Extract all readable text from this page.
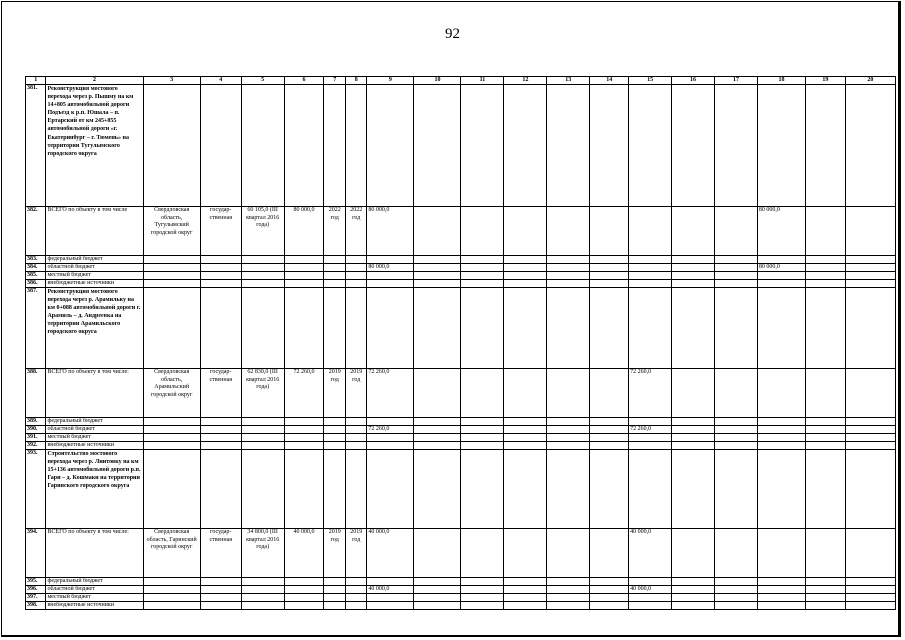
92
1	2	3	4	5	6	7	8	9	10	11	12	13	14	15	16	17	18	19	20
381.	Реконструкция мостового перехода через р. Пышму на км 14+805 автомобильной дороги Подъезд к р.п. Юшала – п. Ертарский от км 245+855 автомобильной дороги «г. Екатеринбург – г. Тюмень» на территории Тугулымского городского округа																		
382.	ВСЕГО по объекту в том числе	Свердловская область, Тугулымский городской округ	государ-ственная	60 105,0 (III квартал 2016 года)	80 000,0	2022 год	2022 год	80 000,0									80 000,0		
383.	федеральный бюджет																		
384.	областной бюджет							80 000,0									80 000,0		
385.	местный бюджет																		
386.	внебюджетные источники																		
387.	Реконструкция мостового перехода через р. Арамильку на км 0+088 автомобильной дороги г. Арамиль – д. Андреевка на территории Арамильского городского округа																		
388.	ВСЕГО по объекту в том числе:	Свердловская область, Арамильский городской округ	государ-ственная	62 830,0 (III квартал 2016 года)	72 260,0	2019 год	2019 год	72 260,0						72 260,0					
389.	федеральный бюджет																		
390.	областной бюджет							72 260,0						72 260,0					
391.	местный бюджет																		
392.	внебюджетные источники																		
393.	Строительство мостового перехода через р. Лиитовку на км 15+136 автомобильной дороги р.п. Гари – д. Кошмаки на территории Гаринского городского округа																		
394.	ВСЕГО по объекту в том числе:	Свердловская область, Гаринский городской округ	государ-ственная	34 800,0 (III квартал 2016 года)	40 000,0	2019 год	2019 год	40 000,0						40 000,0					
395.	федеральный бюджет																		
396.	областной бюджет							40 000,0						40 000,0					
397.	местный бюджет																		
398.	внебюджетные источники																		
